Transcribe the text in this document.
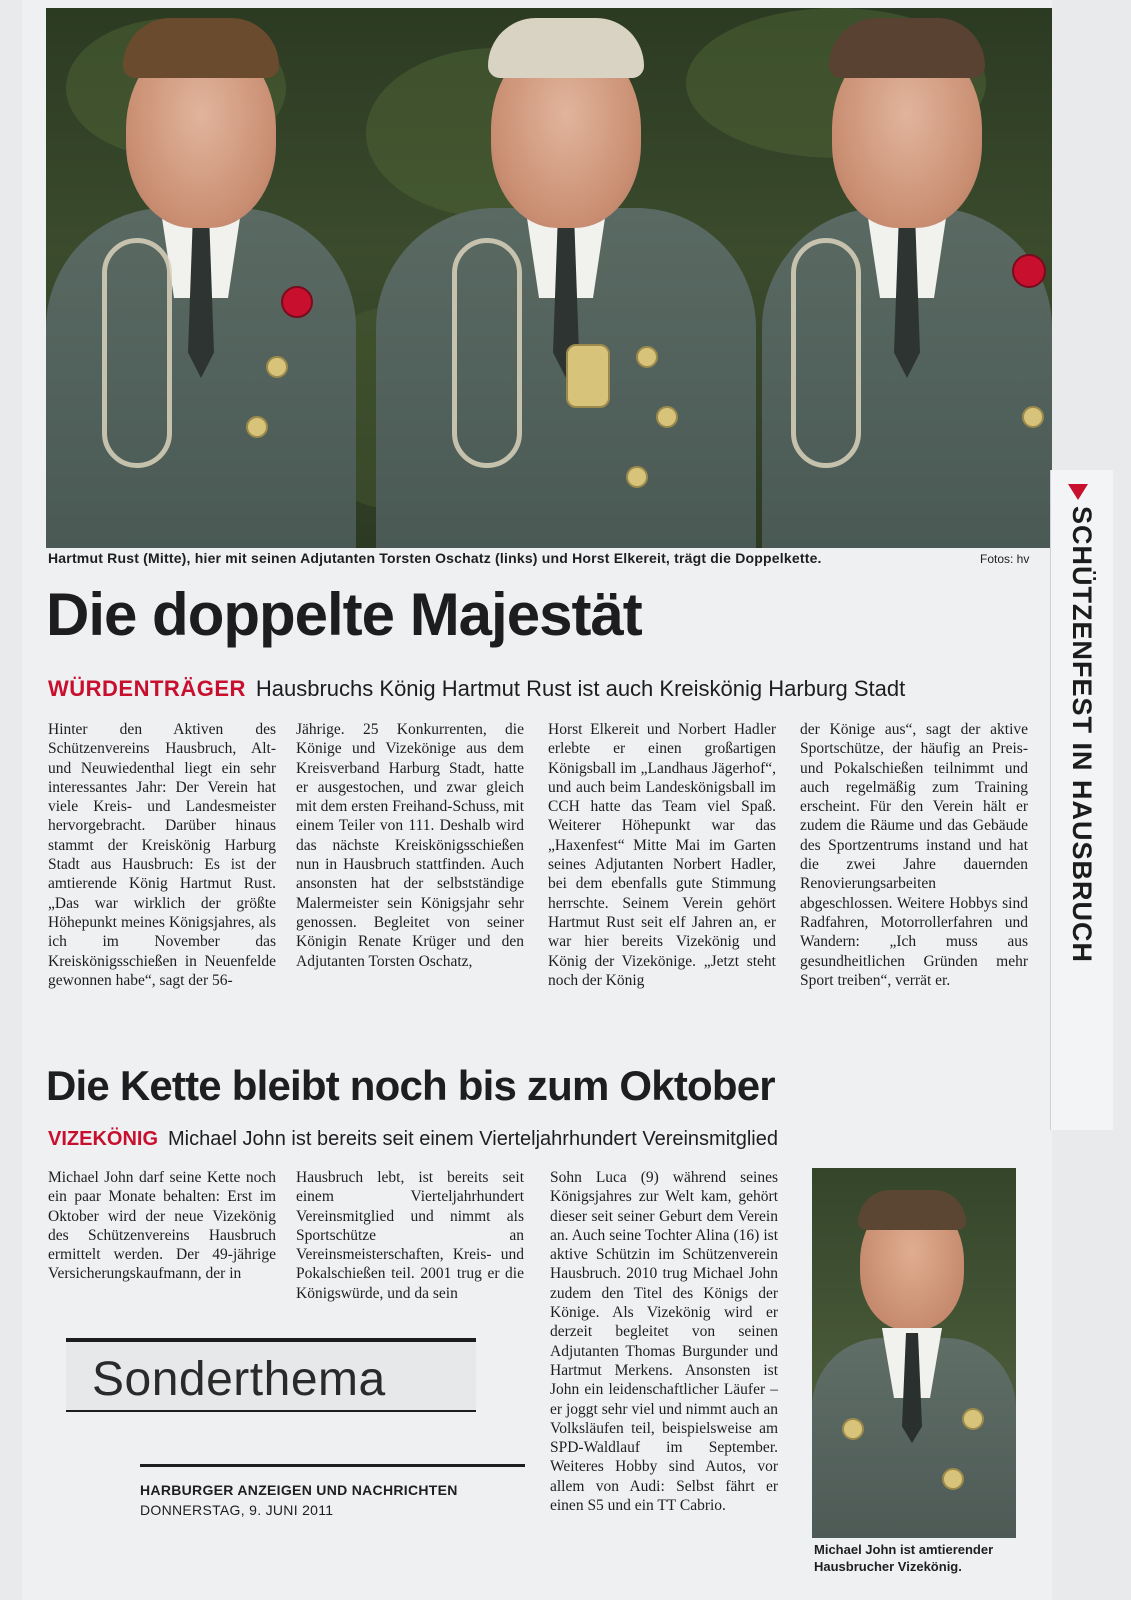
Hartmut Rust (Mitte), hier mit seinen Adjutanten Torsten Oschatz (links) und Horst Elkereit, trägt die Doppelkette.	Fotos: hv SCHÜTZENFEST IN HAUSBRUCH
Die doppelte Majestät
WÜRDENTRÄGER Hausbruchs König Hartmut Rust ist auch Kreiskönig Harburg Stadt
Hinter den Aktiven des Schützenvereins Hausbruch, Alt- und Neuwiedenthal liegt ein sehr interessantes Jahr: Der Verein hat viele Kreis- und Landesmeister hervorgebracht. Darüber hinaus stammt der Kreiskönig Harburg Stadt aus Hausbruch: Es ist der amtierende König Hartmut Rust. „Das war wirklich der größte Höhepunkt meines Königsjahres, als ich im November das Kreiskönigsschießen in Neuenfelde gewonnen habe“, sagt der 56-
Jährige. 25 Konkurrenten, die Könige und Vizekönige aus dem Kreisverband Harburg Stadt, hatte er ausgestochen, und zwar gleich mit dem ersten Freihand-Schuss, mit einem Teiler von 111. Deshalb wird das nächste Kreiskönigsschießen nun in Hausbruch stattfinden. Auch ansonsten hat der selbstständige Malermeister sein Königsjahr sehr genossen. Begleitet von seiner Königin Renate Krüger und den Adjutanten Torsten Oschatz,
Horst Elkereit und Norbert Hadler erlebte er einen großartigen Königsball im „Landhaus Jägerhof“, und auch beim Landeskönigsball im CCH hatte das Team viel Spaß. Weiterer Höhepunkt war das „Haxenfest“ Mitte Mai im Garten seines Adjutanten Norbert Hadler, bei dem ebenfalls gute Stimmung herrschte. Seinem Verein gehört Hartmut Rust seit elf Jahren an, er war hier bereits Vizekönig und König der Vizekönige. „Jetzt steht noch der König
der Könige aus“, sagt der aktive Sportschütze, der häufig an Preis- und Pokalschießen teilnimmt und auch regelmäßig zum Training erscheint. Für den Verein hält er zudem die Räume und das Gebäude des Sportzentrums instand und hat die zwei Jahre dauernden Renovierungsarbeiten abgeschlossen. Weitere Hobbys sind Radfahren, Motorrollerfahren und Wandern: „Ich muss aus gesundheitlichen Gründen mehr Sport treiben“, verrät er.
Die Kette bleibt noch bis zum Oktober
VIZEKÖNIG Michael John ist bereits seit einem Vierteljahrhundert Vereinsmitglied
Michael John darf seine Kette noch ein paar Monate behalten: Erst im Oktober wird der neue Vizekönig des Schützenvereins Hausbruch ermittelt werden. Der 49-jährige Versicherungskaufmann, der in
Hausbruch lebt, ist bereits seit einem Vierteljahrhundert Vereinsmitglied und nimmt als Sportschütze an Vereinsmeisterschaften, Kreis- und Pokalschießen teil. 2001 trug er die Königswürde, und da sein
Sohn Luca (9) während seines Königsjahres zur Welt kam, gehört dieser seit seiner Geburt dem Verein an. Auch seine Tochter Alina (16) ist aktive Schützin im Schützenverein Hausbruch. 2010 trug Michael John zudem den Titel des Königs der Könige. Als Vizekönig wird er derzeit begleitet von seinen Adjutanten Thomas Burgunder und Hartmut Merkens. Ansonsten ist John ein leidenschaftlicher Läufer – er joggt sehr viel und nimmt auch an Volksläufen teil, beispielsweise am SPD-Waldlauf im September. Weiteres Hobby sind Autos, vor allem von Audi: Selbst fährt er einen S5 und ein TT Cabrio.
Michael John ist amtierender Hausbrucher Vizekönig.
Sonderthema
HARBURGER ANZEIGEN UND NACHRICHTEN
DONNERSTAG, 9. JUNI 2011
